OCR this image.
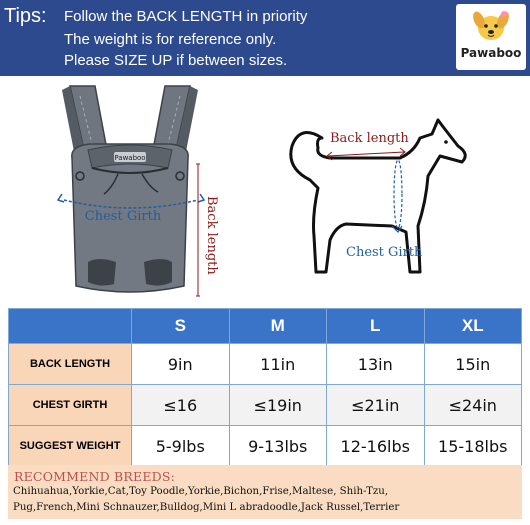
Tips: Follow the BACK LENGTH in priority
The weight is for reference only.
Please SIZE UP if between sizes.	Pawaboo
Pawaboo
Chest Girth	Back length
Back length
Chest Girth
	S	M	L	XL
BACK LENGTH	9in	11in	13in	15in
CHEST GIRTH	≤16	≤19in	≤21in	≤24in
SUGGEST WEIGHT	5-9lbs	9-13lbs	12-16lbs	15-18lbs
RECOMMEND BREEDS:
Chihuahua,Yorkie,Cat,Toy Poodle,Yorkie,Bichon,Frise,Maltese, Shih-Tzu,
Pug,French,Mini Schnauzer,Bulldog,Mini L abradoodle,Jack Russel,Terrier
